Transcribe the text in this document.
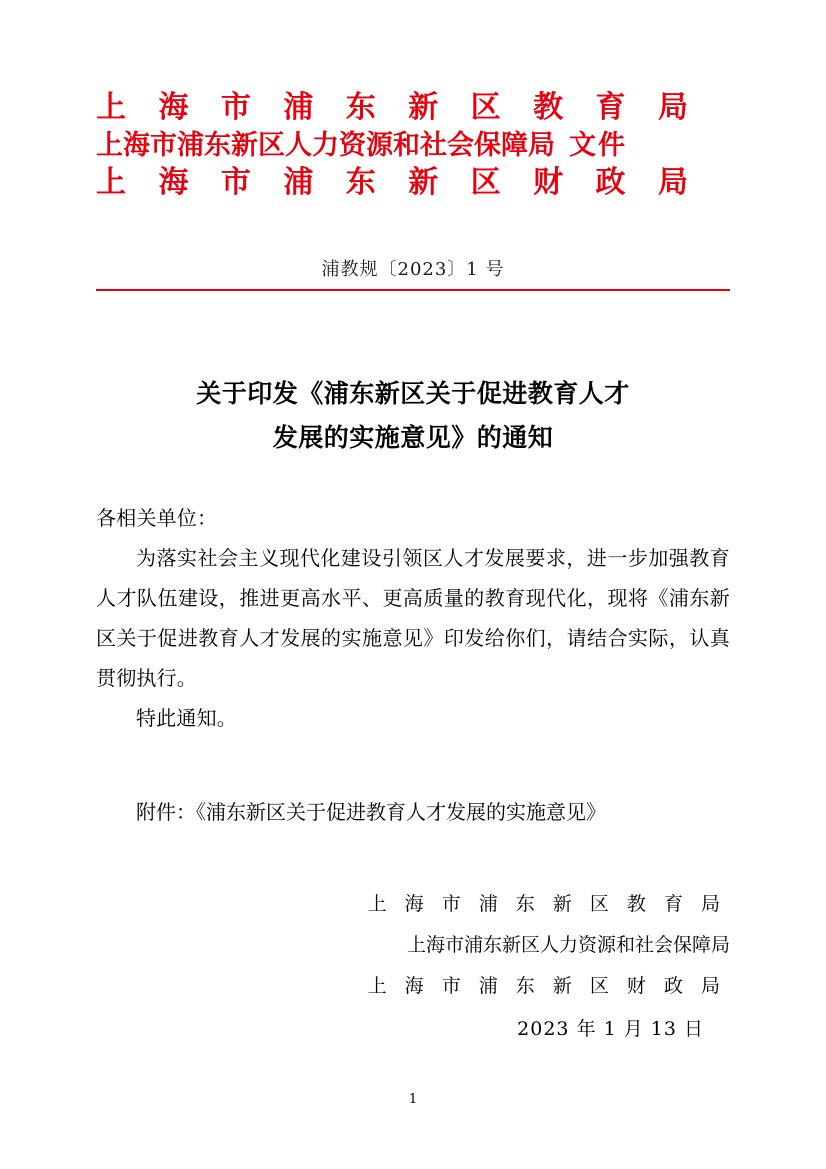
上 海 市 浦 东 新 区 教 育 局
上海市浦东新区人力资源和社会保障局 文件
上 海 市 浦 东 新 区 财 政 局
浦教规〔2023〕1 号
关于印发《浦东新区关于促进教育人才
发展的实施意见》的通知

各相关单位：

为落实社会主义现代化建设引领区人才发展要求，进一步加强教育人才队伍建设，推进更高水平、更高质量的教育现代化，现将《浦东新区关于促进教育人才发展的实施意见》印发给你们，请结合实际，认真贯彻执行。

特此通知。

附件：《浦东新区关于促进教育人才发展的实施意见》
上 海 市 浦 东 新 区 教 育 局
上海市浦东新区人力资源和社会保障局
上 海 市 浦 东 新 区 财 政 局
2023 年 1 月 13 日
1
